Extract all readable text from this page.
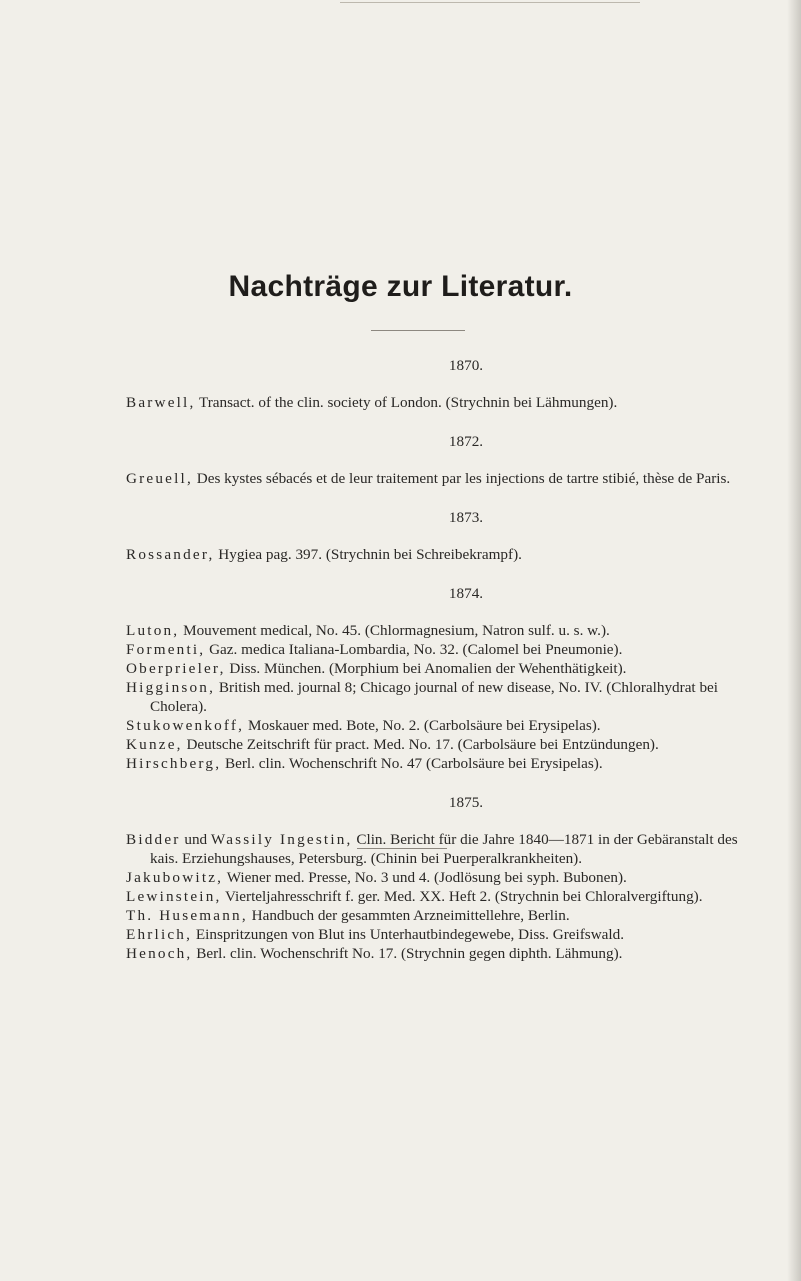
Nachträge zur Literatur.
1870.

Barwell, Transact. of the clin. society of London. (Strychnin bei Lähmungen).

1872.

Greuell, Des kystes sébacés et de leur traitement par les injections de tartre stibié, thèse de Paris.

1873.

Rossander, Hygiea pag. 397. (Strychnin bei Schreibekrampf).

1874.

Luton, Mouvement medical, No. 45. (Chlormagnesium, Natron sulf. u. s. w.).

Formenti, Gaz. medica Italiana-Lombardia, No. 32. (Calomel bei Pneumonie).

Oberprieler, Diss. München. (Morphium bei Anomalien der Wehenthätigkeit).

Higginson, British med. journal 8; Chicago journal of new disease, No. IV. (Chloralhydrat bei Cholera).

Stukowenkoff, Moskauer med. Bote, No. 2. (Carbolsäure bei Erysipelas).

Kunze, Deutsche Zeitschrift für pract. Med. No. 17. (Carbolsäure bei Entzündungen).

Hirschberg, Berl. clin. Wochenschrift No. 47 (Carbolsäure bei Erysipelas).

1875.

Bidder und Wassily Ingestin, Clin. Bericht für die Jahre 1840—1871 in der Gebäranstalt des kais. Erziehungshauses, Petersburg. (Chinin bei Puerperalkrankheiten).

Jakubowitz, Wiener med. Presse, No. 3 und 4. (Jodlösung bei syph. Bubonen).

Lewinstein, Vierteljahresschrift f. ger. Med. XX. Heft 2. (Strychnin bei Chloralvergiftung).

Th. Husemann, Handbuch der gesammten Arzneimittellehre, Berlin.

Ehrlich, Einspritzungen von Blut ins Unterhautbindegewebe, Diss. Greifswald.

Henoch, Berl. clin. Wochenschrift No. 17. (Strychnin gegen diphth. Lähmung).
